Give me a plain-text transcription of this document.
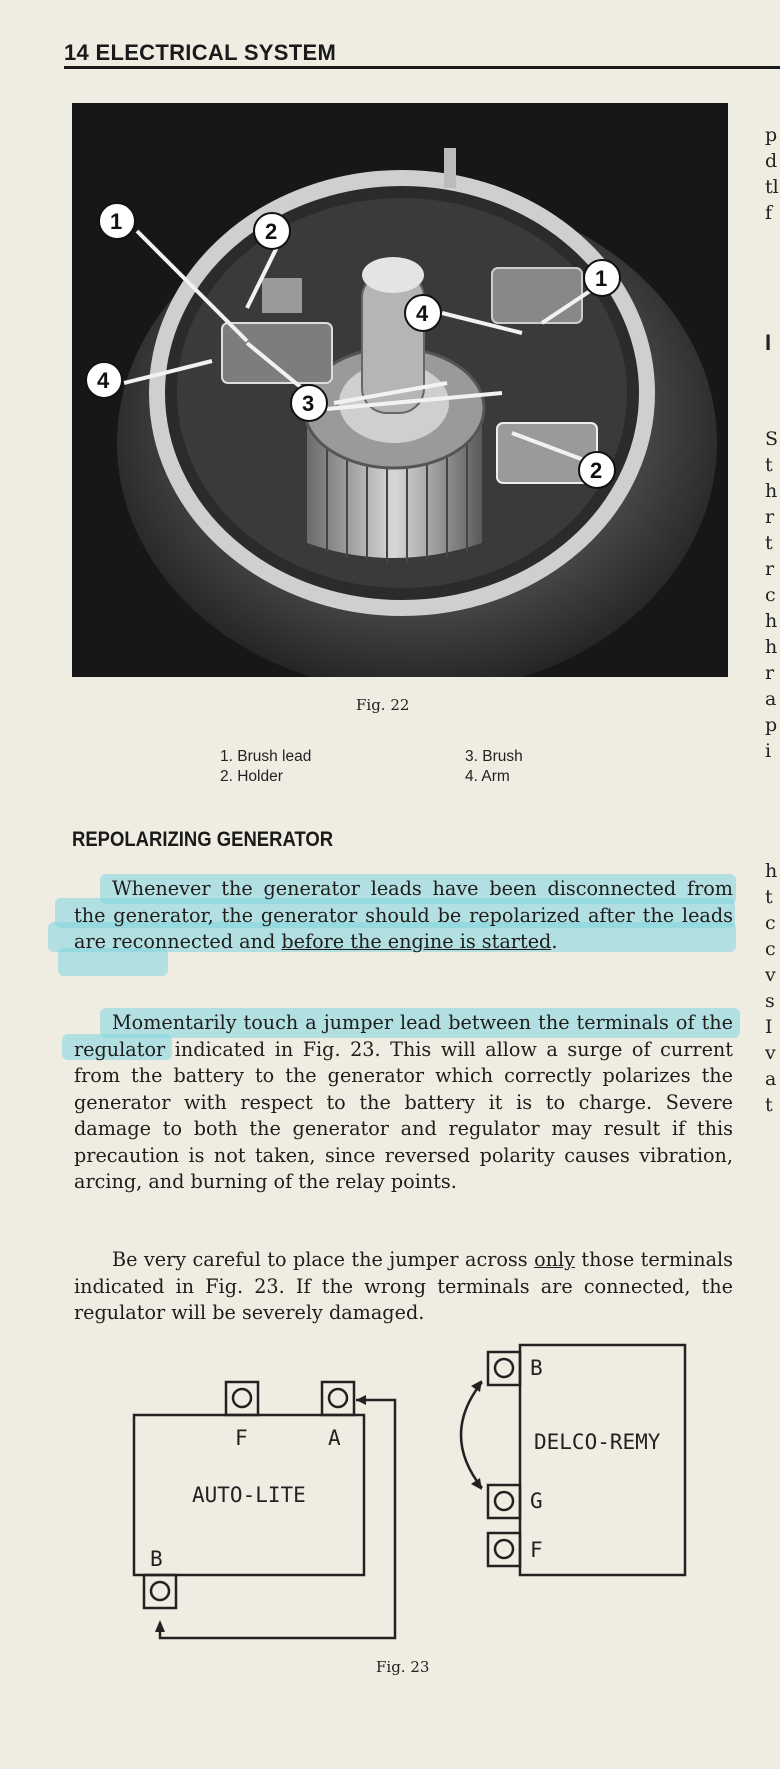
14 ELECTRICAL SYSTEM
1	2
3
4
1
2
4
Fig. 22
1. Brush lead
2. Holder
3. Brush
4. Arm
REPOLARIZING GENERATOR
Whenever the generator leads have been disconnected from the generator, the generator should be repolarized after the leads are reconnected and before the engine is started.
Momentarily touch a jumper lead between the terminals of the regulator indicated in Fig. 23. This will allow a surge of current from the battery to the generator which correctly polarizes the generator with respect to the battery it is to charge. Severe damage to both the generator and regulator may result if this precaution is not taken, since reversed polarity causes vibration, arcing, and burning of the relay points.
Be very careful to place the jumper across only those terminals indicated in Fig. 23. If the wrong terminals are connected, the regulator will be severely damaged.
F	A
B
AUTO-LITE
B
G
F
DELCO-REMY
Fig. 23
p
d
tl
f
I
S
t
h
r
t
r
c
h
h
r
a
p
i
h
t
c
c
v
s
I
v
a
t
